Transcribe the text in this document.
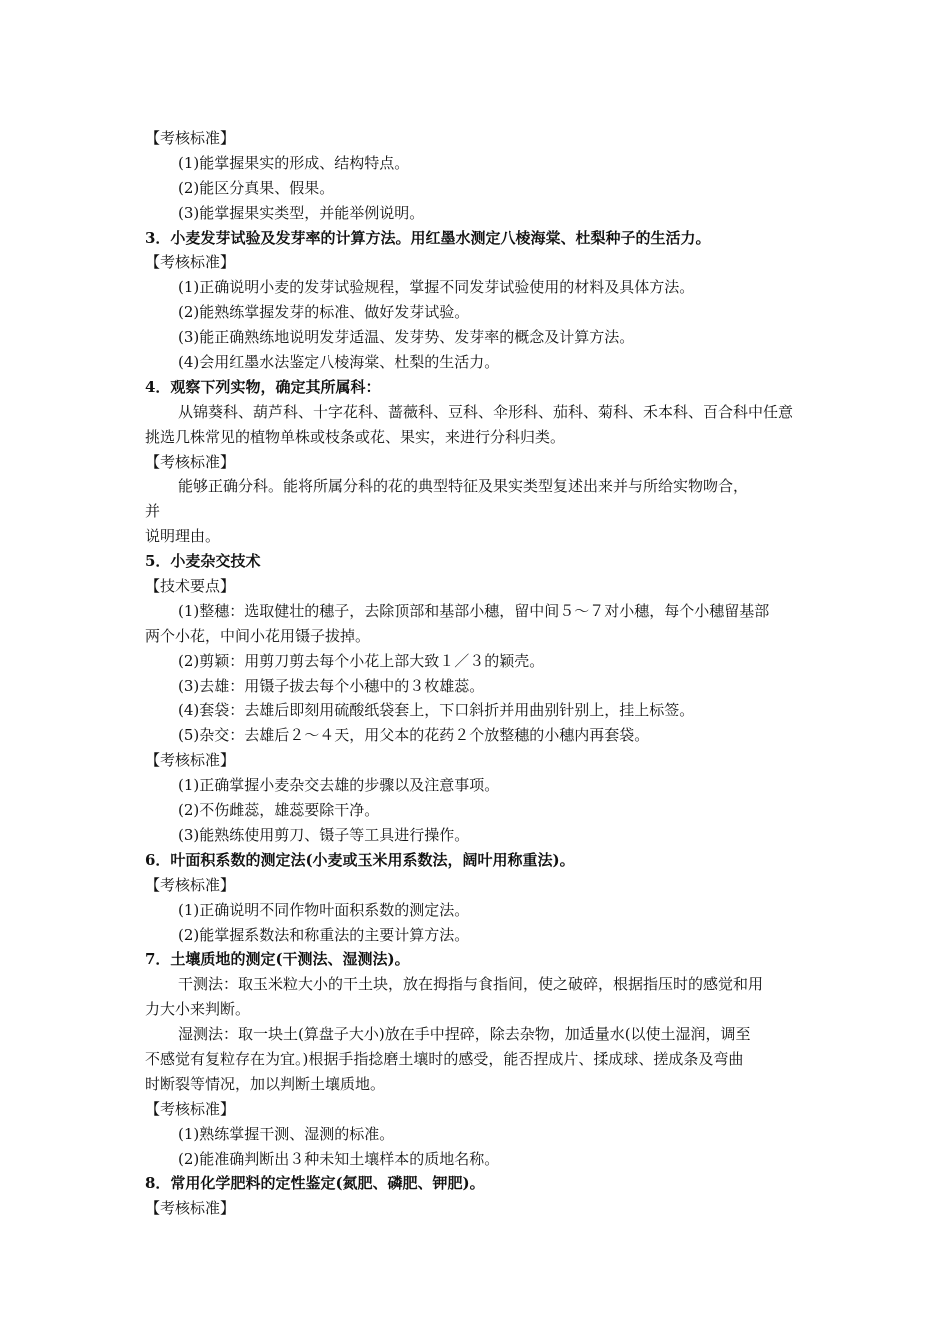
【考核标准】
(1)能掌握果实的形成、结构特点。
(2)能区分真果、假果。
(3)能掌握果实类型，并能举例说明。
3．小麦发芽试验及发芽率的计算方法。用红墨水测定八棱海棠、杜梨种子的生活力。
【考核标准】
(1)正确说明小麦的发芽试验规程，掌握不同发芽试验使用的材料及具体方法。
(2)能熟练掌握发芽的标准、做好发芽试验。
(3)能正确熟练地说明发芽适温、发芽势、发芽率的概念及计算方法。
(4)会用红墨水法鉴定八棱海棠、杜梨的生活力。
4．观察下列实物，确定其所属科：
从锦葵科、葫芦科、十字花科、蔷薇科、豆科、伞形科、茄科、菊科、禾本科、百合科中任意
挑选几株常见的植物单株或枝条或花、果实，来进行分科归类。
【考核标准】
能够正确分科。能将所属分科的花的典型特征及果实类型复述出来并与所给实物吻合，
并
说明理由。
5．小麦杂交技术
【技术要点】
(1)整穗：选取健壮的穗子，去除顶部和基部小穗，留中间５～７对小穗，每个小穗留基部
两个小花，中间小花用镊子拔掉。
(2)剪颖：用剪刀剪去每个小花上部大致１／３的颖壳。
(3)去雄：用镊子拔去每个小穗中的３枚雄蕊。
(4)套袋：去雄后即刻用硫酸纸袋套上，下口斜折并用曲别针别上，挂上标签。
(5)杂交：去雄后２～４天，用父本的花药２个放整穗的小穗内再套袋。
【考核标准】
(1)正确掌握小麦杂交去雄的步骤以及注意事项。
(2)不伤雌蕊，雄蕊要除干净。
(3)能熟练使用剪刀、镊子等工具进行操作。
6．叶面积系数的测定法(小麦或玉米用系数法，阔叶用称重法)。
【考核标准】
(1)正确说明不同作物叶面积系数的测定法。
(2)能掌握系数法和称重法的主要计算方法。
7．土壤质地的测定(干测法、湿测法)。
干测法：取玉米粒大小的干土块，放在拇指与食指间，使之破碎，根据指压时的感觉和用
力大小来判断。
湿测法：取一块土(算盘子大小)放在手中捏碎，除去杂物，加适量水(以使土湿润，调至
不感觉有复粒存在为宜。)根据手指捻磨土壤时的感受，能否捏成片、揉成球、搓成条及弯曲
时断裂等情况，加以判断土壤质地。
【考核标准】
(1)熟练掌握干测、湿测的标准。
(2)能准确判断出３种未知土壤样本的质地名称。
8．常用化学肥料的定性鉴定(氮肥、磷肥、钾肥)。
【考核标准】
